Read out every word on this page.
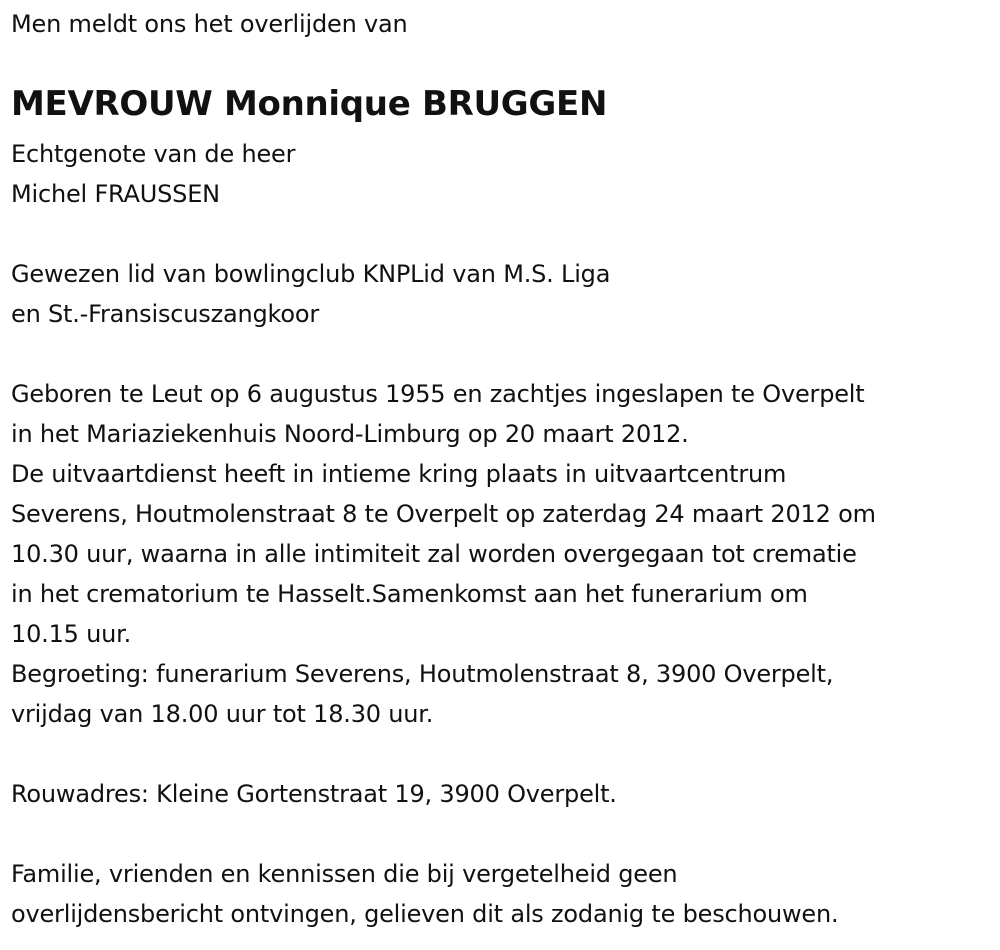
Men meldt ons het overlijden van
MEVROUW Monnique BRUGGEN
Echtgenote van de heer
Michel FRAUSSEN
Gewezen lid van bowlingclub KNPLid van M.S. Liga
en St.-Fransiscuszangkoor
Geboren te Leut op 6 augustus 1955 en zachtjes ingeslapen te Overpelt
in het Mariaziekenhuis Noord-Limburg op 20 maart 2012.
De uitvaartdienst heeft in intieme kring plaats in uitvaartcentrum
Severens, Houtmolenstraat 8 te Overpelt op zaterdag 24 maart 2012 om
10.30 uur, waarna in alle intimiteit zal worden overgegaan tot crematie
in het crematorium te Hasselt.Samenkomst aan het funerarium om
10.15 uur.
Begroeting: funerarium Severens, Houtmolenstraat 8, 3900 Overpelt,
vrijdag van 18.00 uur tot 18.30 uur.
Rouwadres: Kleine Gortenstraat 19, 3900 Overpelt.
Familie, vrienden en kennissen die bij vergetelheid geen
overlijdensbericht ontvingen, gelieven dit als zodanig te beschouwen.
